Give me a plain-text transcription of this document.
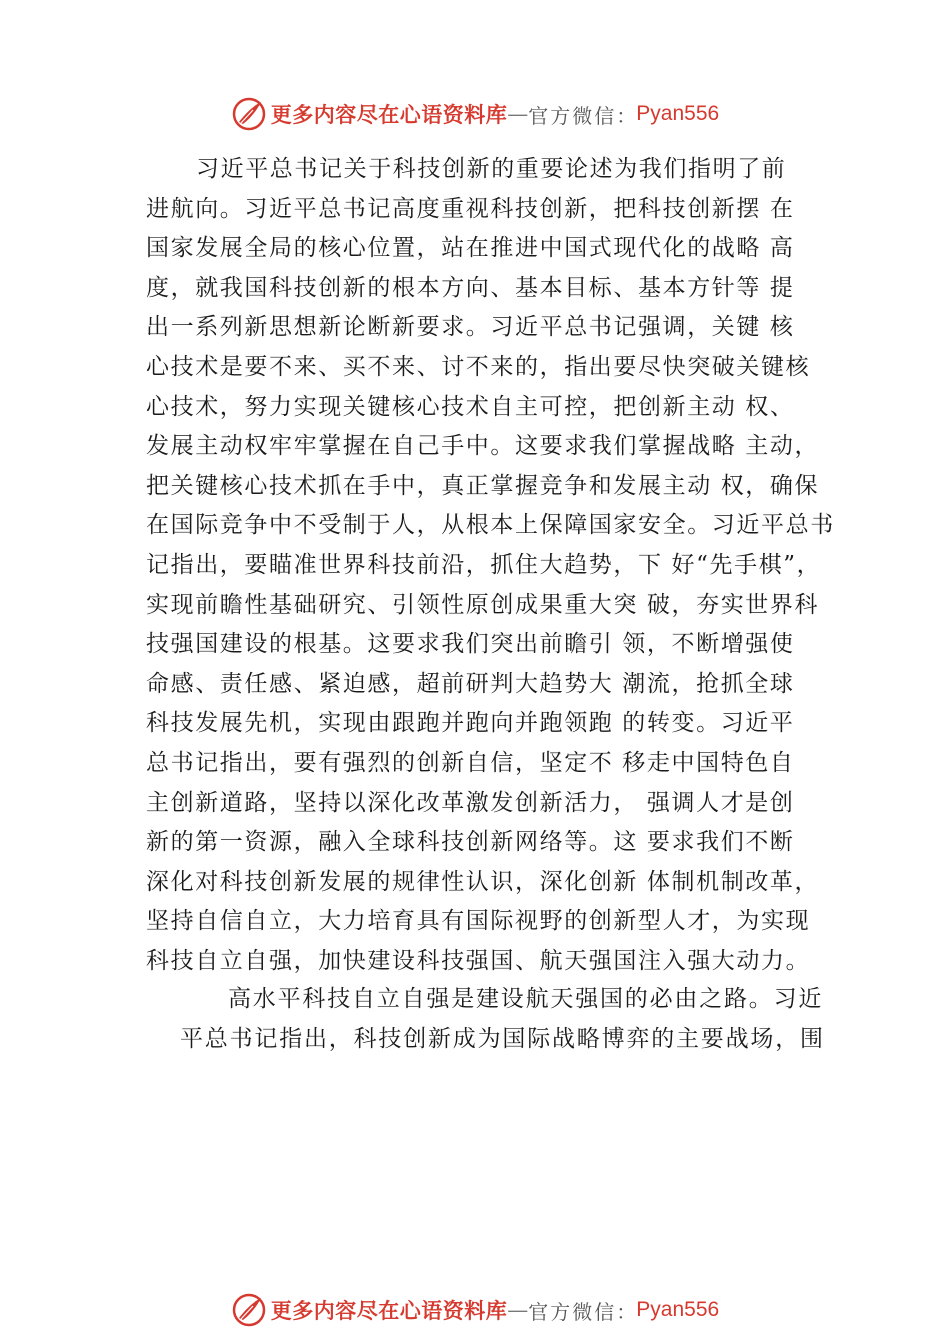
更多内容尽在心语资料库 — 官方微信 ： Pyan556
习近平总书记关于科技创新的重要论述为我们指明了前
进航向。习近平总书记高度重视科技创新，把科技创新摆 在
国家发展全局的核心位置，站在推进中国式现代化的战略 高
度，就我国科技创新的根本方向、基本目标、基本方针等 提
出一系列新思想新论断新要求。习近平总书记强调，关键 核
心技术是要不来、买不来、讨不来的，指出要尽快突破关键核
心技术，努力实现关键核心技术自主可控，把创新主动 权、
发展主动权牢牢掌握在自己手中。这要求我们掌握战略 主动，
把关键核心技术抓在手中，真正掌握竞争和发展主动 权，确保
在国际竞争中不受制于人，从根本上保障国家安全。习近平总书
记指出，要瞄准世界科技前沿，抓住大趋势，下 好“先手棋”，
实现前瞻性基础研究、引领性原创成果重大突 破，夯实世界科
技强国建设的根基。这要求我们突出前瞻引 领，不断增强使
命感、责任感、紧迫感，超前研判大趋势大 潮流，抢抓全球
科技发展先机，实现由跟跑并跑向并跑领跑 的转变。习近平
总书记指出，要有强烈的创新自信，坚定不 移走中国特色自
主创新道路，坚持以深化改革激发创新活力， 强调人才是创
新的第一资源，融入全球科技创新网络等。这 要求我们不断
深化对科技创新发展的规律性认识，深化创新 体制机制改革，
坚持自信自立，大力培育具有国际视野的创新型人才，为实现
科技自立自强，加快建设科技强国、航天强国注入强大动力。
高水平科技自立自强是建设航天强国的必由之路。习近
平总书记指出，科技创新成为国际战略博弈的主要战场，围
更多内容尽在心语资料库 — 官方微信 ： Pyan556
